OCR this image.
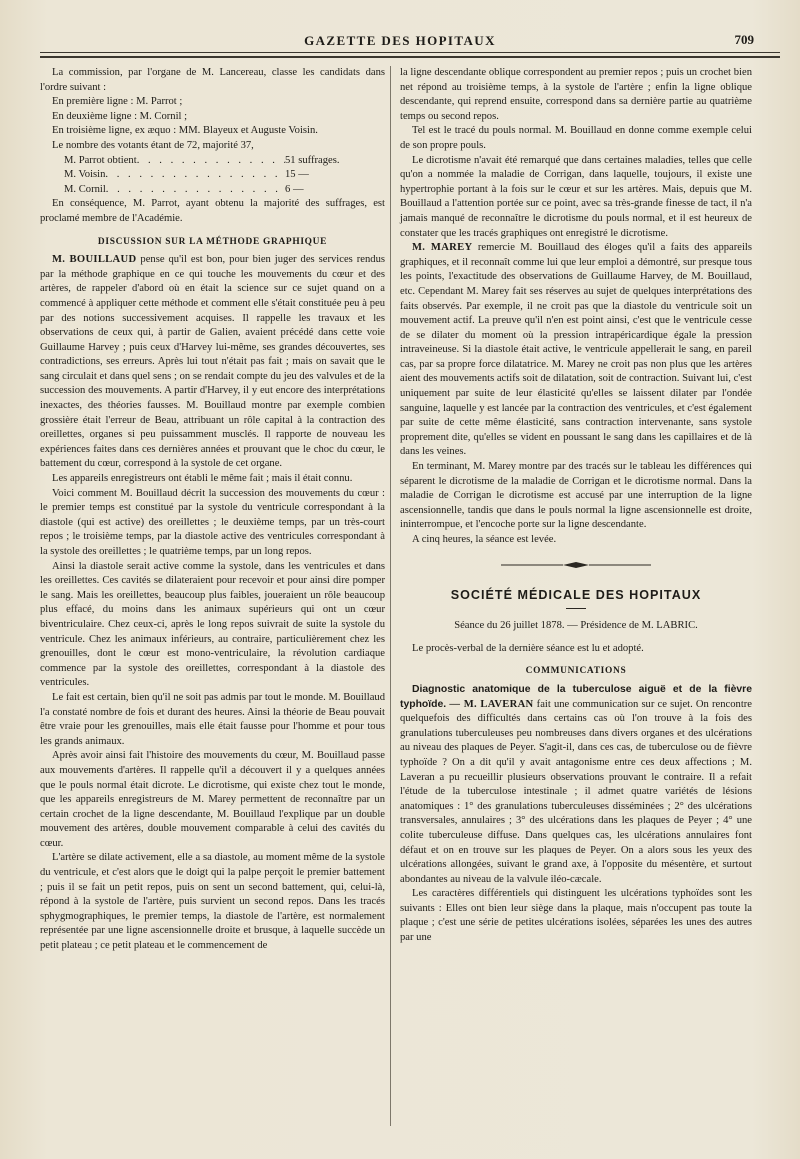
GAZETTE DES HOPITAUX	709

La commission, par l'organe de M. Lancereau, classe les candidats dans l'ordre suivant :

En première ligne : M. Parrot ;

En deuxième ligne : M. Cornil ;

En troisième ligne, ex æquo : MM. Blayeux et Auguste Voisin.

Le nombre des votants étant de 72, majorité 37,

M. Parrot obtient . . .	51 suffrages.
M. Voisin . . .	15 —
M. Cornil . . .	6 —

En conséquence, M. Parrot, ayant obtenu la majorité des suffrages, est proclamé membre de l'Académie.

DISCUSSION SUR LA MÉTHODE GRAPHIQUE

M. BOUILLAUD pense qu'il est bon, pour bien juger des services rendus par la méthode graphique en ce qui touche les mouvements du cœur et des artères, de rappeler d'abord où en était la science sur ce sujet quand on a commencé à appliquer cette méthode et comment elle s'était constituée peu à peu par des notions successivement acquises. Il rappelle les travaux et les observations de ceux qui, à partir de Galien, avaient précédé dans cette voie Guillaume Harvey ; puis ceux d'Harvey lui-même, ses grandes découvertes, ses contradictions, ses erreurs. Après lui tout n'était pas fait ; mais on savait que le sang circulait et dans quel sens ; on se rendait compte du jeu des valvules et de la succession des mouvements. A partir d'Harvey, il y eut encore des interprétations inexactes, des théories fausses. M. Bouillaud montre par exemple combien grossière était l'erreur de Beau, attribuant un rôle capital à la contraction des oreillettes, organes si peu puissamment musclés. Il rapporte de nouveau les expériences faites dans ces dernières années et prouvant que le choc du cœur, le battement du cœur, correspond à la systole de cet organe.

Les appareils enregistreurs ont établi le même fait ; mais il était connu.

Voici comment M. Bouillaud décrit la succession des mouvements du cœur : le premier temps est constitué par la systole du ventricule correspondant à la diastole (qui est active) des oreillettes ; le deuxième temps, par un très-court repos ; le troisième temps, par la diastole active des ventricules correspondant à la systole des oreillettes ; le quatrième temps, par un long repos.

Ainsi la diastole serait active comme la systole, dans les ventricules et dans les oreillettes. Ces cavités se dilateraient pour recevoir et pour ainsi dire pomper le sang. Mais les oreillettes, beaucoup plus faibles, joueraient un rôle beaucoup plus effacé, du moins dans les animaux supérieurs qui ont un cœur biventriculaire. Chez ceux-ci, après le long repos suivrait de suite la systole du ventricule. Chez les animaux inférieurs, au contraire, particulièrement chez les grenouilles, dont le cœur est mono-ventriculaire, la révolution cardiaque commence par la systole des oreillettes, correspondant à la diastole des ventricules.

Le fait est certain, bien qu'il ne soit pas admis par tout le monde. M. Bouillaud l'a constaté nombre de fois et durant des heures. Ainsi la théorie de Beau pouvait être vraie pour les grenouilles, mais elle était fausse pour l'homme et pour tous les grands animaux.

Après avoir ainsi fait l'histoire des mouvements du cœur, M. Bouillaud passe aux mouvements d'artères. Il rappelle qu'il a découvert il y a quelques années que le pouls normal était dicrote. Le dicrotisme, qui existe chez tout le monde, que les appareils enregistreurs de M. Marey permettent de reconnaître par un certain crochet de la ligne descendante, M. Bouillaud l'explique par un double mouvement des artères, double mouvement comparable à celui des cavités du cœur.

L'artère se dilate activement, elle a sa diastole, au moment même de la systole du ventricule, et c'est alors que le doigt qui la palpe perçoit le premier battement ; puis il se fait un petit repos, puis on sent un second battement, qui, celui-là, répond à la systole de l'artère, puis survient un second repos. Dans les tracés sphygmographiques, le premier temps, la diastole de l'artère, est normalement représentée par une ligne ascensionnelle droite et brusque, à laquelle succède un petit plateau ; ce petit plateau et le commencement de

la ligne descendante oblique correspondent au premier repos ; puis un crochet bien net répond au troisième temps, à la systole de l'artère ; enfin la ligne oblique descendante, qui reprend ensuite, correspond dans sa dernière partie au quatrième temps ou second repos.

Tel est le tracé du pouls normal. M. Bouillaud en donne comme exemple celui de son propre pouls.

Le dicrotisme n'avait été remarqué que dans certaines maladies, telles que celle qu'on a nommée la maladie de Corrigan, dans laquelle, toujours, il existe une hypertrophie portant à la fois sur le cœur et sur les artères. Mais, depuis que M. Bouillaud a l'attention portée sur ce point, avec sa très-grande finesse de tact, il n'a jamais manqué de reconnaître le dicrotisme du pouls normal, et il est heureux de constater que les tracés graphiques ont enregistré le dicrotisme.

M. MAREY remercie M. Bouillaud des éloges qu'il a faits des appareils graphiques, et il reconnaît comme lui que leur emploi a démontré, sur presque tous les points, l'exactitude des observations de Guillaume Harvey, de M. Bouillaud, etc. Cependant M. Marey fait ses réserves au sujet de quelques interprétations des faits observés. Par exemple, il ne croit pas que la diastole du ventricule soit un mouvement actif. La preuve qu'il n'en est point ainsi, c'est que le ventricule cesse de se dilater du moment où la pression intrapéricardique égale la pression intraveineuse. Si la diastole était active, le ventricule appellerait le sang, en pareil cas, par sa propre force dilatatrice. M. Marey ne croit pas non plus que les artères aient des mouvements actifs soit de dilatation, soit de contraction. Suivant lui, c'est uniquement par suite de leur élasticité qu'elles se laissent dilater par l'ondée sanguine, laquelle y est lancée par la contraction des ventricules, et c'est également par suite de cette même élasticité, sans contraction intervenante, sans systole proprement dite, qu'elles se vident en poussant le sang dans les capillaires et de là dans les veines.

En terminant, M. Marey montre par des tracés sur le tableau les différences qui séparent le dicrotisme de la maladie de Corrigan et le dicrotisme normal. Dans la maladie de Corrigan le dicrotisme est accusé par une interruption de la ligne ascensionnelle, tandis que dans le pouls normal la ligne ascensionnelle est droite, ininterrompue, et l'encoche porte sur la ligne descendante.

A cinq heures, la séance est levée.

SOCIÉTÉ MÉDICALE DES HOPITAUX

Séance du 26 juillet 1878. — Présidence de M. LABRIC.

Le procès-verbal de la dernière séance est lu et adopté.

COMMUNICATIONS

Diagnostic anatomique de la tuberculose aiguë et de la fièvre typhoïde. — M. LAVERAN fait une communication sur ce sujet. On rencontre quelquefois des difficultés dans certains cas où l'on trouve à la fois des granulations tuberculeuses peu nombreuses dans divers organes et des ulcérations au niveau des plaques de Peyer. S'agit-il, dans ces cas, de tuberculose ou de fièvre typhoïde ? On a dit qu'il y avait antagonisme entre ces deux affections ; M. Laveran a pu recueillir plusieurs observations prouvant le contraire. Il a refait l'étude de la tuberculose intestinale ; il admet quatre variétés de lésions anatomiques : 1° des granulations tuberculeuses disséminées ; 2° des ulcérations transversales, annulaires ; 3° des ulcérations dans les plaques de Peyer ; 4° une colite tuberculeuse diffuse. Dans quelques cas, les ulcérations annulaires font défaut et on en trouve sur les plaques de Peyer. On a alors sous les yeux des ulcérations allongées, suivant le grand axe, à l'opposite du mésentère, et surtout abondantes au niveau de la valvule iléo-cæcale.

Les caractères différentiels qui distinguent les ulcérations typhoïdes sont les suivants : Elles ont bien leur siège dans la plaque, mais n'occupent pas toute la plaque ; c'est une série de petites ulcérations isolées, séparées les unes des autres par une
